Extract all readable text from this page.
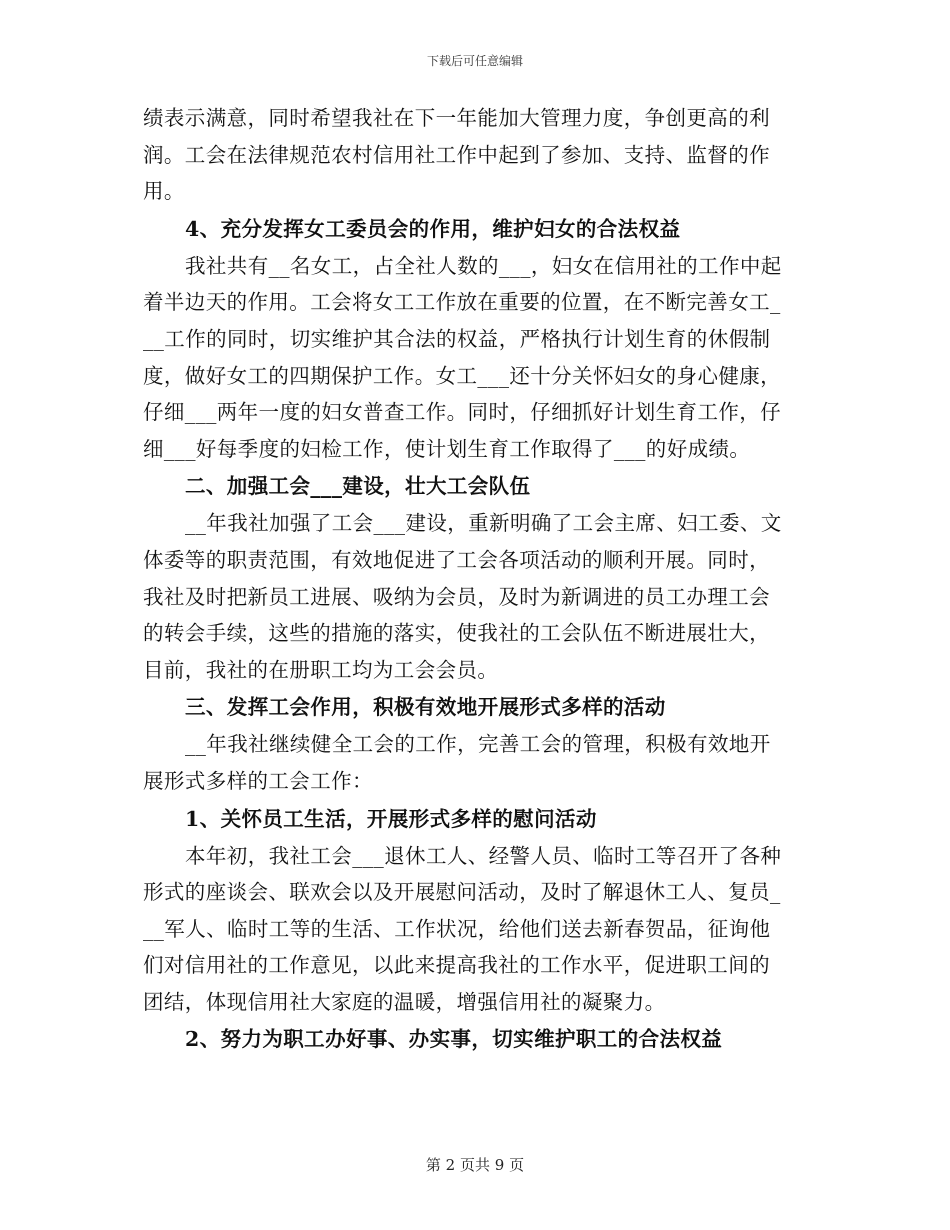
下载后可任意编辑
绩表示满意，同时希望我社在下一年能加大管理力度，争创更高的利
润。工会在法律规范农村信用社工作中起到了参加、支持、监督的作
用。
4、充分发挥女工委员会的作用，维护妇女的合法权益
我社共有__名女工，占全社人数的___，妇女在信用社的工作中起
着半边天的作用。工会将女工工作放在重要的位置，在不断完善女工_
__工作的同时，切实维护其合法的权益，严格执行计划生育的休假制
度，做好女工的四期保护工作。女工___还十分关怀妇女的身心健康，
仔细___两年一度的妇女普查工作。同时，仔细抓好计划生育工作，仔
细___好每季度的妇检工作，使计划生育工作取得了___的好成绩。
二、加强工会___建设，壮大工会队伍
__年我社加强了工会___建设，重新明确了工会主席、妇工委、文
体委等的职责范围，有效地促进了工会各项活动的顺利开展。同时，
我社及时把新员工进展、吸纳为会员，及时为新调进的员工办理工会
的转会手续，这些的措施的落实，使我社的工会队伍不断进展壮大，
目前，我社的在册职工均为工会会员。
三、发挥工会作用，积极有效地开展形式多样的活动
__年我社继续健全工会的工作，完善工会的管理，积极有效地开
展形式多样的工会工作：
1、关怀员工生活，开展形式多样的慰问活动
本年初，我社工会___退休工人、经警人员、临时工等召开了各种
形式的座谈会、联欢会以及开展慰问活动，及时了解退休工人、复员_
__军人、临时工等的生活、工作状况，给他们送去新春贺品，征询他
们对信用社的工作意见，以此来提高我社的工作水平，促进职工间的
团结，体现信用社大家庭的温暖，增强信用社的凝聚力。
2、努力为职工办好事、办实事，切实维护职工的合法权益
第 2 页共 9 页
